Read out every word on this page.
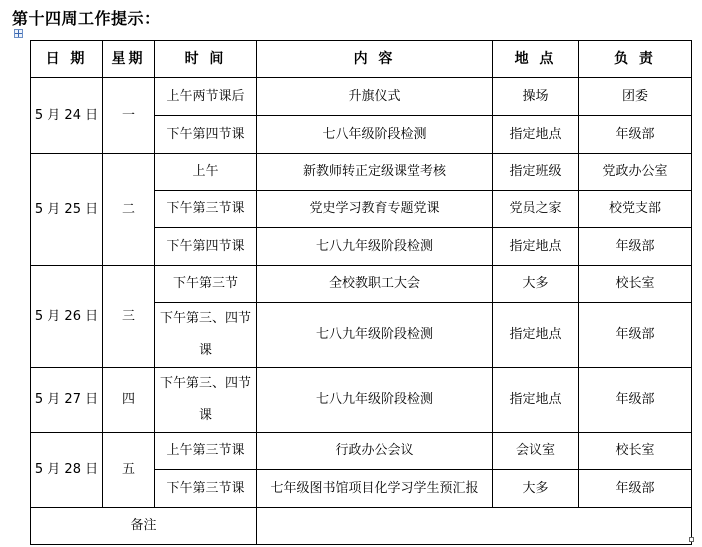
第十四周工作提示：
日 期	星期	时 间	内 容	地 点	负 责
5 月 24 日	一	上午两节课后	升旗仪式	操场	团委
		下午第四节课	七八年级阶段检测	指定地点	年级部
5 月 25 日	二	上午	新教师转正定级课堂考核	指定班级	党政办公室
		下午第三节课	党史学习教育专题党课	党员之家	校党支部
		下午第四节课	七八九年级阶段检测	指定地点	年级部
5 月 26 日	三	下午第三节	全校教职工大会	大多	校长室
		下午第三、四节课	七八九年级阶段检测	指定地点	年级部
5 月 27 日	四	下午第三、四节课	七八九年级阶段检测	指定地点	年级部
5 月 28 日	五	上午第三节课	行政办公会议	会议室	校长室
		下午第三节课	七年级图书馆项目化学习学生预汇报	大多	年级部
备注					
